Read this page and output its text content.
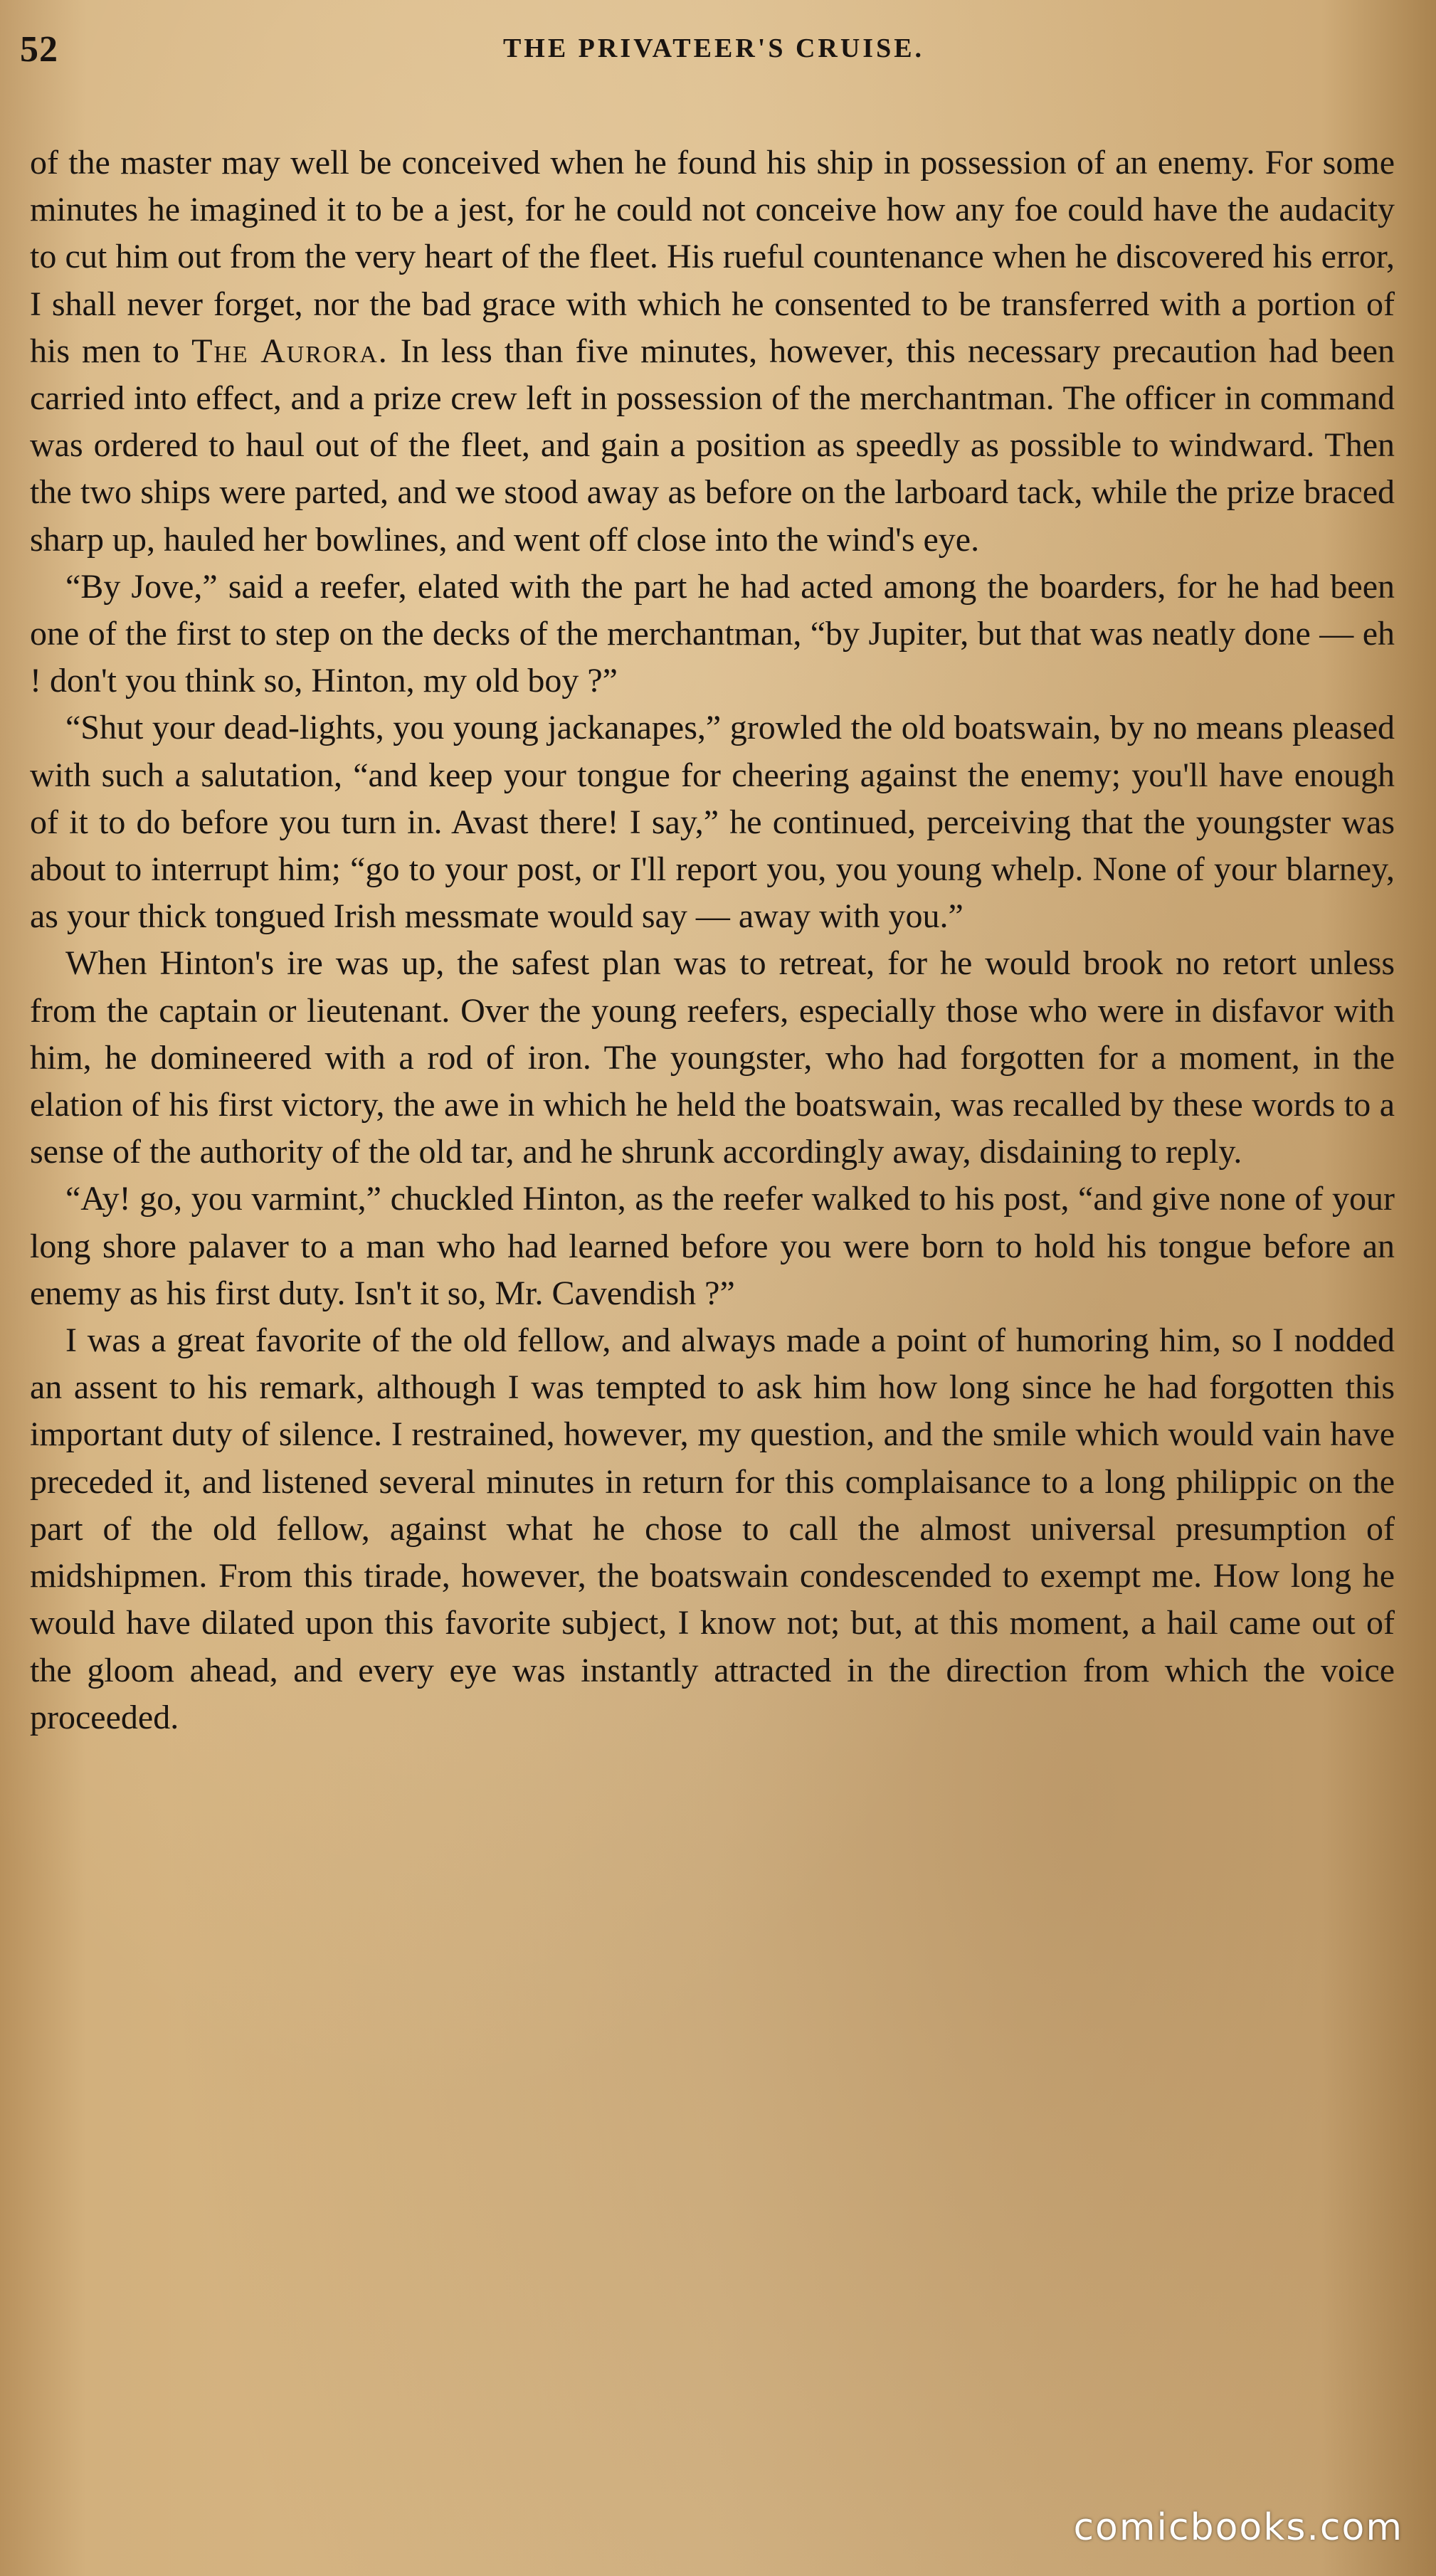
52	THE PRIVATEER'S CRUISE.

of the master may well be conceived when he found his ship in possession of an enemy. For some minutes he imagined it to be a jest, for he could not conceive how any foe could have the audacity to cut him out from the very heart of the fleet. His rueful countenance when he discovered his error, I shall never forget, nor the bad grace with which he consented to be transferred with a portion of his men to The Aurora. In less than five minutes, however, this necessary precaution had been carried into effect, and a prize crew left in possession of the merchantman. The officer in command was ordered to haul out of the fleet, and gain a position as speedly as possible to windward. Then the two ships were parted, and we stood away as before on the larboard tack, while the prize braced sharp up, hauled her bowlines, and went off close into the wind's eye.

“By Jove,” said a reefer, elated with the part he had acted among the boarders, for he had been one of the first to step on the decks of the merchantman, “by Jupiter, but that was neatly done — eh ! don't you think so, Hinton, my old boy ?”

“Shut your dead-lights, you young jackanapes,” growled the old boatswain, by no means pleased with such a salutation, “and keep your tongue for cheering against the enemy; you'll have enough of it to do before you turn in. Avast there! I say,” he continued, perceiving that the youngster was about to interrupt him; “go to your post, or I'll report you, you young whelp. None of your blarney, as your thick tongued Irish messmate would say — away with you.”

When Hinton's ire was up, the safest plan was to retreat, for he would brook no retort unless from the captain or lieutenant. Over the young reefers, especially those who were in disfavor with him, he domineered with a rod of iron. The youngster, who had forgotten for a moment, in the elation of his first victory, the awe in which he held the boatswain, was recalled by these words to a sense of the authority of the old tar, and he shrunk accordingly away, disdaining to reply.

“Ay! go, you varmint,” chuckled Hinton, as the reefer walked to his post, “and give none of your long shore palaver to a man who had learned before you were born to hold his tongue before an enemy as his first duty. Isn't it so, Mr. Cavendish ?”

I was a great favorite of the old fellow, and always made a point of humoring him, so I nodded an assent to his remark, although I was tempted to ask him how long since he had forgotten this important duty of silence. I restrained, however, my question, and the smile which would vain have preceded it, and listened several minutes in return for this complaisance to a long philippic on the part of the old fellow, against what he chose to call the almost universal presumption of midshipmen. From this tirade, however, the boatswain condescended to exempt me. How long he would have dilated upon this favorite subject, I know not; but, at this moment, a hail came out of the gloom ahead, and every eye was instantly attracted in the direction from which the voice proceeded.

comicbooks.com
